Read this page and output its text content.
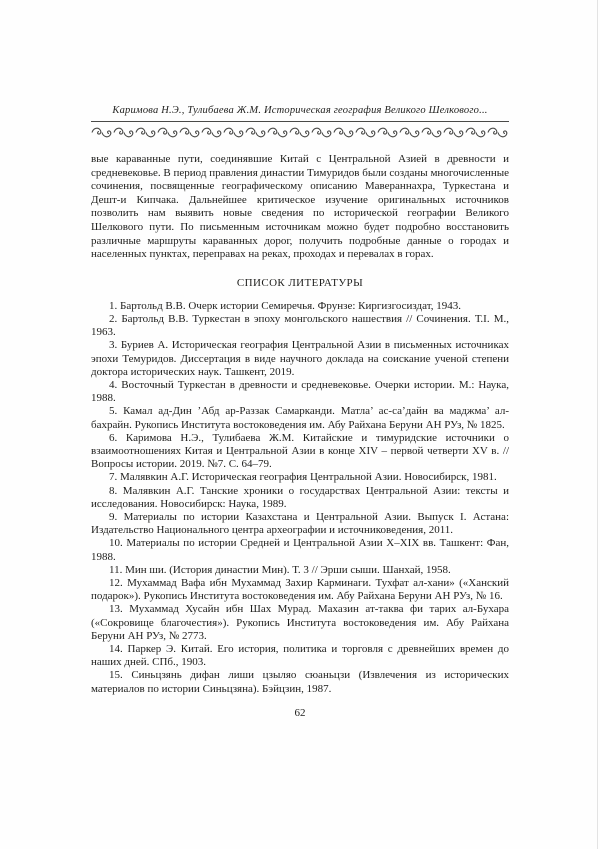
Каримова Н.Э., Тулибаева Ж.М. Историческая география Великого Шелкового...

вые караванные пути, соединявшие Китай с Центральной Азией в древности и средневековье. В период правления династии Тимуридов были созданы многочисленные сочинения, посвященные географическому описанию Мавераннахра, Туркестана и Дешт-и Кипчака. Дальнейшее критическое изучение оригинальных источников позволить нам выявить новые сведения по исторической географии Великого Шелкового пути. По письменным источникам можно будет подробно восстановить различные маршруты караванных дорог, получить подробные данные о городах и населенных пунктах, переправах на реках, проходах и перевалах в горах.

СПИСОК ЛИТЕРАТУРЫ

1. Бартольд В.В. Очерк истории Семиречья. Фрунзе: Киргизгосиздат, 1943.

2. Бартольд В.В. Туркестан в эпоху монгольского нашествия // Сочинения. Т.I. М., 1963.

3. Буриев А. Историческая география Центральной Азии в письменных источниках эпохи Темуридов. Диссертация в виде научного доклада на соискание ученой степени доктора исторических наук. Ташкент, 2019.

4. Восточный Туркестан в древности и средневековье. Очерки истории. М.: Наука, 1988.

5. Камал ад-Дин ’Абд ар-Раззак Самарканди. Матла’ ас-са’дайн ва маджма’ ал-бахрайн. Рукопись Института востоковедения им. Абу Райхана Беруни АН РУз, № 1825.

6. Каримова Н.Э., Тулибаева Ж.М. Китайские и тимуридские источники о взаимоотношениях Китая и Центральной Азии в конце XIV – первой четверти XV в. // Вопросы истории. 2019. №7. С. 64–79.

7. Малявкин А.Г. Историческая география Центральной Азии. Новосибирск, 1981.

8. Малявкин А.Г. Танские хроники о государствах Центральной Азии: тексты и исследования. Новосибирск: Наука, 1989.

9. Материалы по истории Казахстана и Центральной Азии. Выпуск I. Астана: Издательство Национального центра археографии и источниковедения, 2011.

10. Материалы по истории Средней и Центральной Азии X–XIX вв. Ташкент: Фан, 1988.

11. Мин ши. (История династии Мин). Т. 3 // Эрши сыши. Шанхай, 1958.

12. Мухаммад Вафа ибн Мухаммад Захир Карминаги. Тухфат ал-хани» («Ханский подарок»). Рукопись Института востоковедения им. Абу Райхана Беруни АН РУз, № 16.

13. Мухаммад Хусайн ибн Шах Мурад. Махазин ат-таква фи тарих ал-Бухара («Сокровище благочестия»). Рукопись Института востоковедения им. Абу Райхана Беруни АН РУз, № 2773.

14. Паркер Э. Китай. Его история, политика и торговля с древнейших времен до наших дней. СПб., 1903.

15. Синьцзянь дифан лиши цзыляо сюаньцзи (Извлечения из исторических материалов по истории Синьцзяна). Бэйцзин, 1987.

62
